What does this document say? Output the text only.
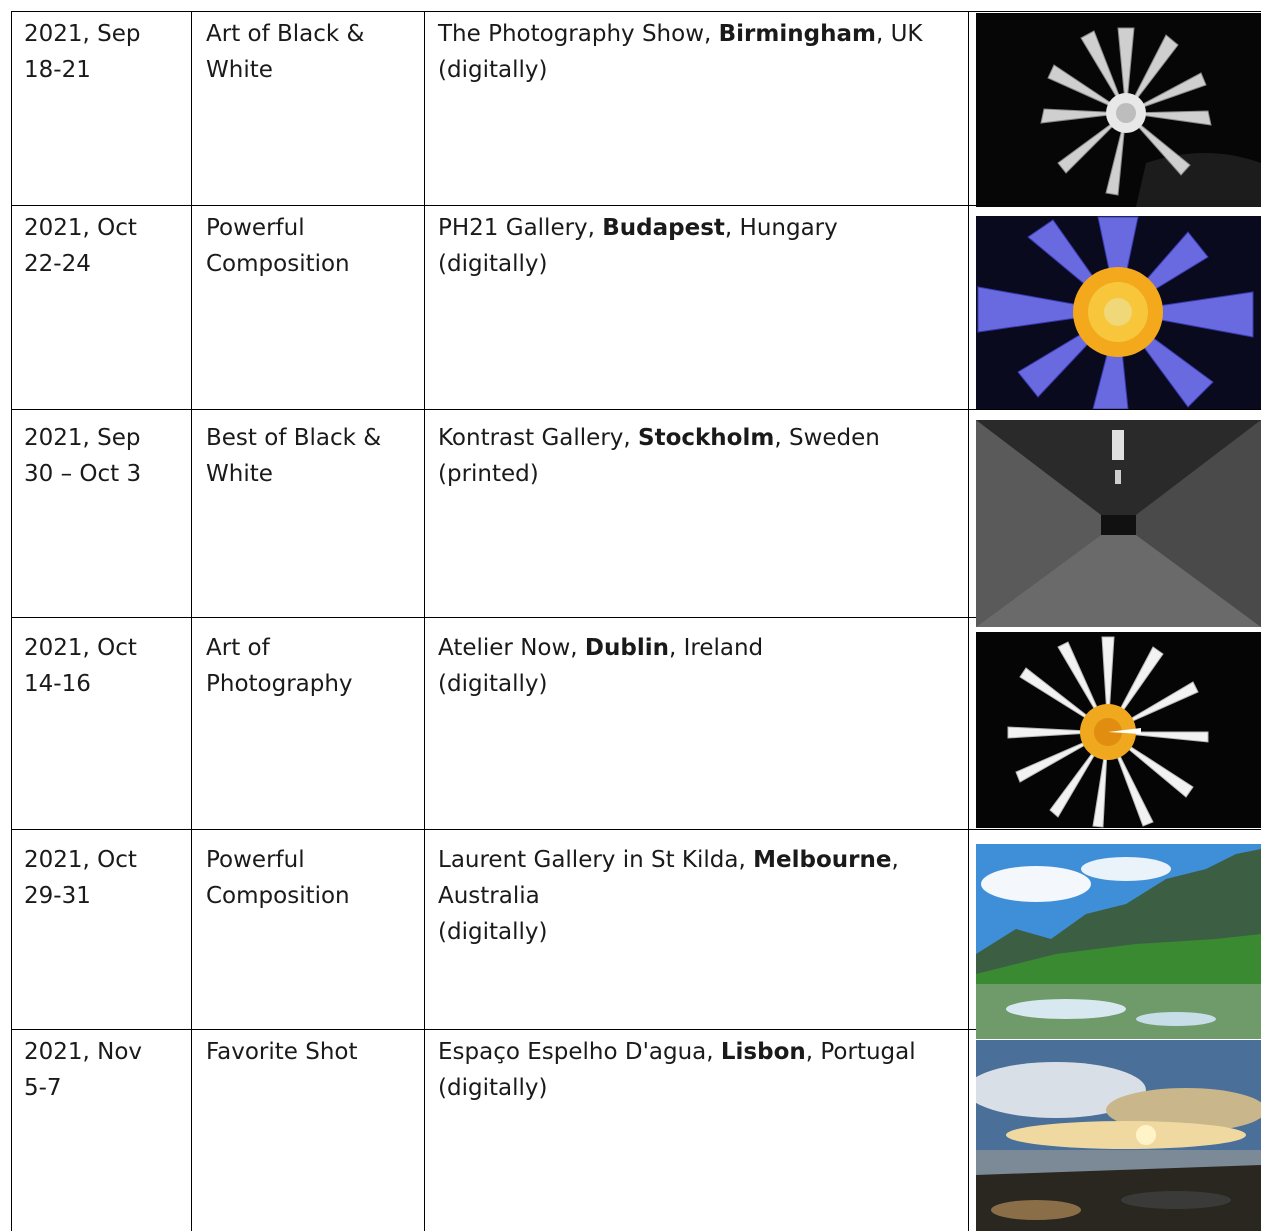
2021, Sep
18-21
Art of Black &
White
The Photography Show, Birmingham, UK
(digitally)
2021, Oct
22-24
Powerful
Composition
PH21 Gallery, Budapest, Hungary
(digitally)
2021, Sep
30 – Oct 3
Best of Black &
White
Kontrast Gallery, Stockholm, Sweden
(printed)
2021, Oct
14-16
Art of
Photography
Atelier Now, Dublin, Ireland
(digitally)
2021, Oct
29-31
Powerful
Composition
Laurent Gallery in St Kilda, Melbourne,
Australia
(digitally)
2021, Nov
5-7
Favorite Shot	Espaço Espelho D'agua, Lisbon, Portugal
(digitally)
